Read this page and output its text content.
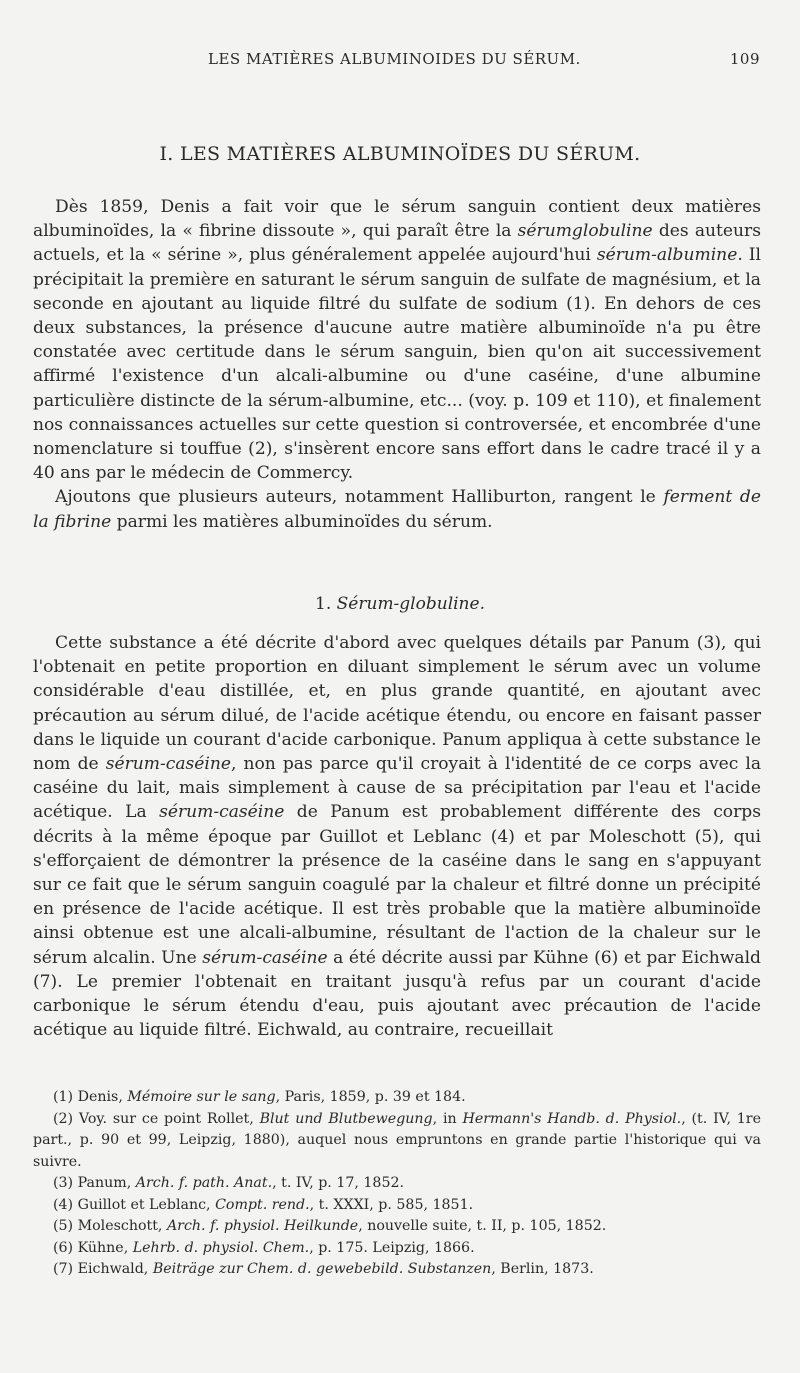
LES MATIÈRES ALBUMINOIDES DU SÉRUM.	109
I. LES MATIÈRES ALBUMINOÏDES DU SÉRUM.

Dès 1859, Denis a fait voir que le sérum sanguin contient deux matières albuminoïdes, la « fibrine dissoute », qui paraît être la sérumglobuline des auteurs actuels, et la « sérine », plus généralement appelée aujourd'hui sérum-albumine. Il précipitait la première en saturant le sérum sanguin de sulfate de magnésium, et la seconde en ajoutant au liquide filtré du sulfate de sodium (1). En dehors de ces deux substances, la présence d'aucune autre matière albuminoïde n'a pu être constatée avec certitude dans le sérum sanguin, bien qu'on ait successivement affirmé l'existence d'un alcali-albumine ou d'une caséine, d'une albumine particulière distincte de la sérum-albumine, etc... (voy. p. 109 et 110), et finalement nos connaissances actuelles sur cette question si controversée, et encombrée d'une nomenclature si touffue (2), s'insèrent encore sans effort dans le cadre tracé il y a 40 ans par le médecin de Commercy.

Ajoutons que plusieurs auteurs, notamment Halliburton, rangent le ferment de la fibrine parmi les matières albuminoïdes du sérum.

1. Sérum-globuline.

Cette substance a été décrite d'abord avec quelques détails par Panum (3), qui l'obtenait en petite proportion en diluant simplement le sérum avec un volume considérable d'eau distillée, et, en plus grande quantité, en ajoutant avec précaution au sérum dilué, de l'acide acétique étendu, ou encore en faisant passer dans le liquide un courant d'acide carbonique. Panum appliqua à cette substance le nom de sérum-caséine, non pas parce qu'il croyait à l'identité de ce corps avec la caséine du lait, mais simplement à cause de sa précipitation par l'eau et l'acide acétique. La sérum-caséine de Panum est probablement différente des corps décrits à la même époque par Guillot et Leblanc (4) et par Moleschott (5), qui s'efforçaient de démontrer la présence de la caséine dans le sang en s'appuyant sur ce fait que le sérum sanguin coagulé par la chaleur et filtré donne un précipité en présence de l'acide acétique. Il est très probable que la matière albuminoïde ainsi obtenue est une alcali-albumine, résultant de l'action de la chaleur sur le sérum alcalin. Une sérum-caséine a été décrite aussi par Kühne (6) et par Eichwald (7). Le premier l'obtenait en traitant jusqu'à refus par un courant d'acide carbonique le sérum étendu d'eau, puis ajoutant avec précaution de l'acide acétique au liquide filtré. Eichwald, au contraire, recueillait

(1) Denis, Mémoire sur le sang, Paris, 1859, p. 39 et 184.

(2) Voy. sur ce point Rollet, Blut und Blutbewegung, in Hermann's Handb. d. Physiol., (t. IV, 1re part., p. 90 et 99, Leipzig, 1880), auquel nous empruntons en grande partie l'historique qui va suivre.

(3) Panum, Arch. f. path. Anat., t. IV, p. 17, 1852.

(4) Guillot et Leblanc, Compt. rend., t. XXXI, p. 585, 1851.

(5) Moleschott, Arch. f. physiol. Heilkunde, nouvelle suite, t. II, p. 105, 1852.

(6) Kühne, Lehrb. d. physiol. Chem., p. 175. Leipzig, 1866.

(7) Eichwald, Beiträge zur Chem. d. gewebebild. Substanzen, Berlin, 1873.
